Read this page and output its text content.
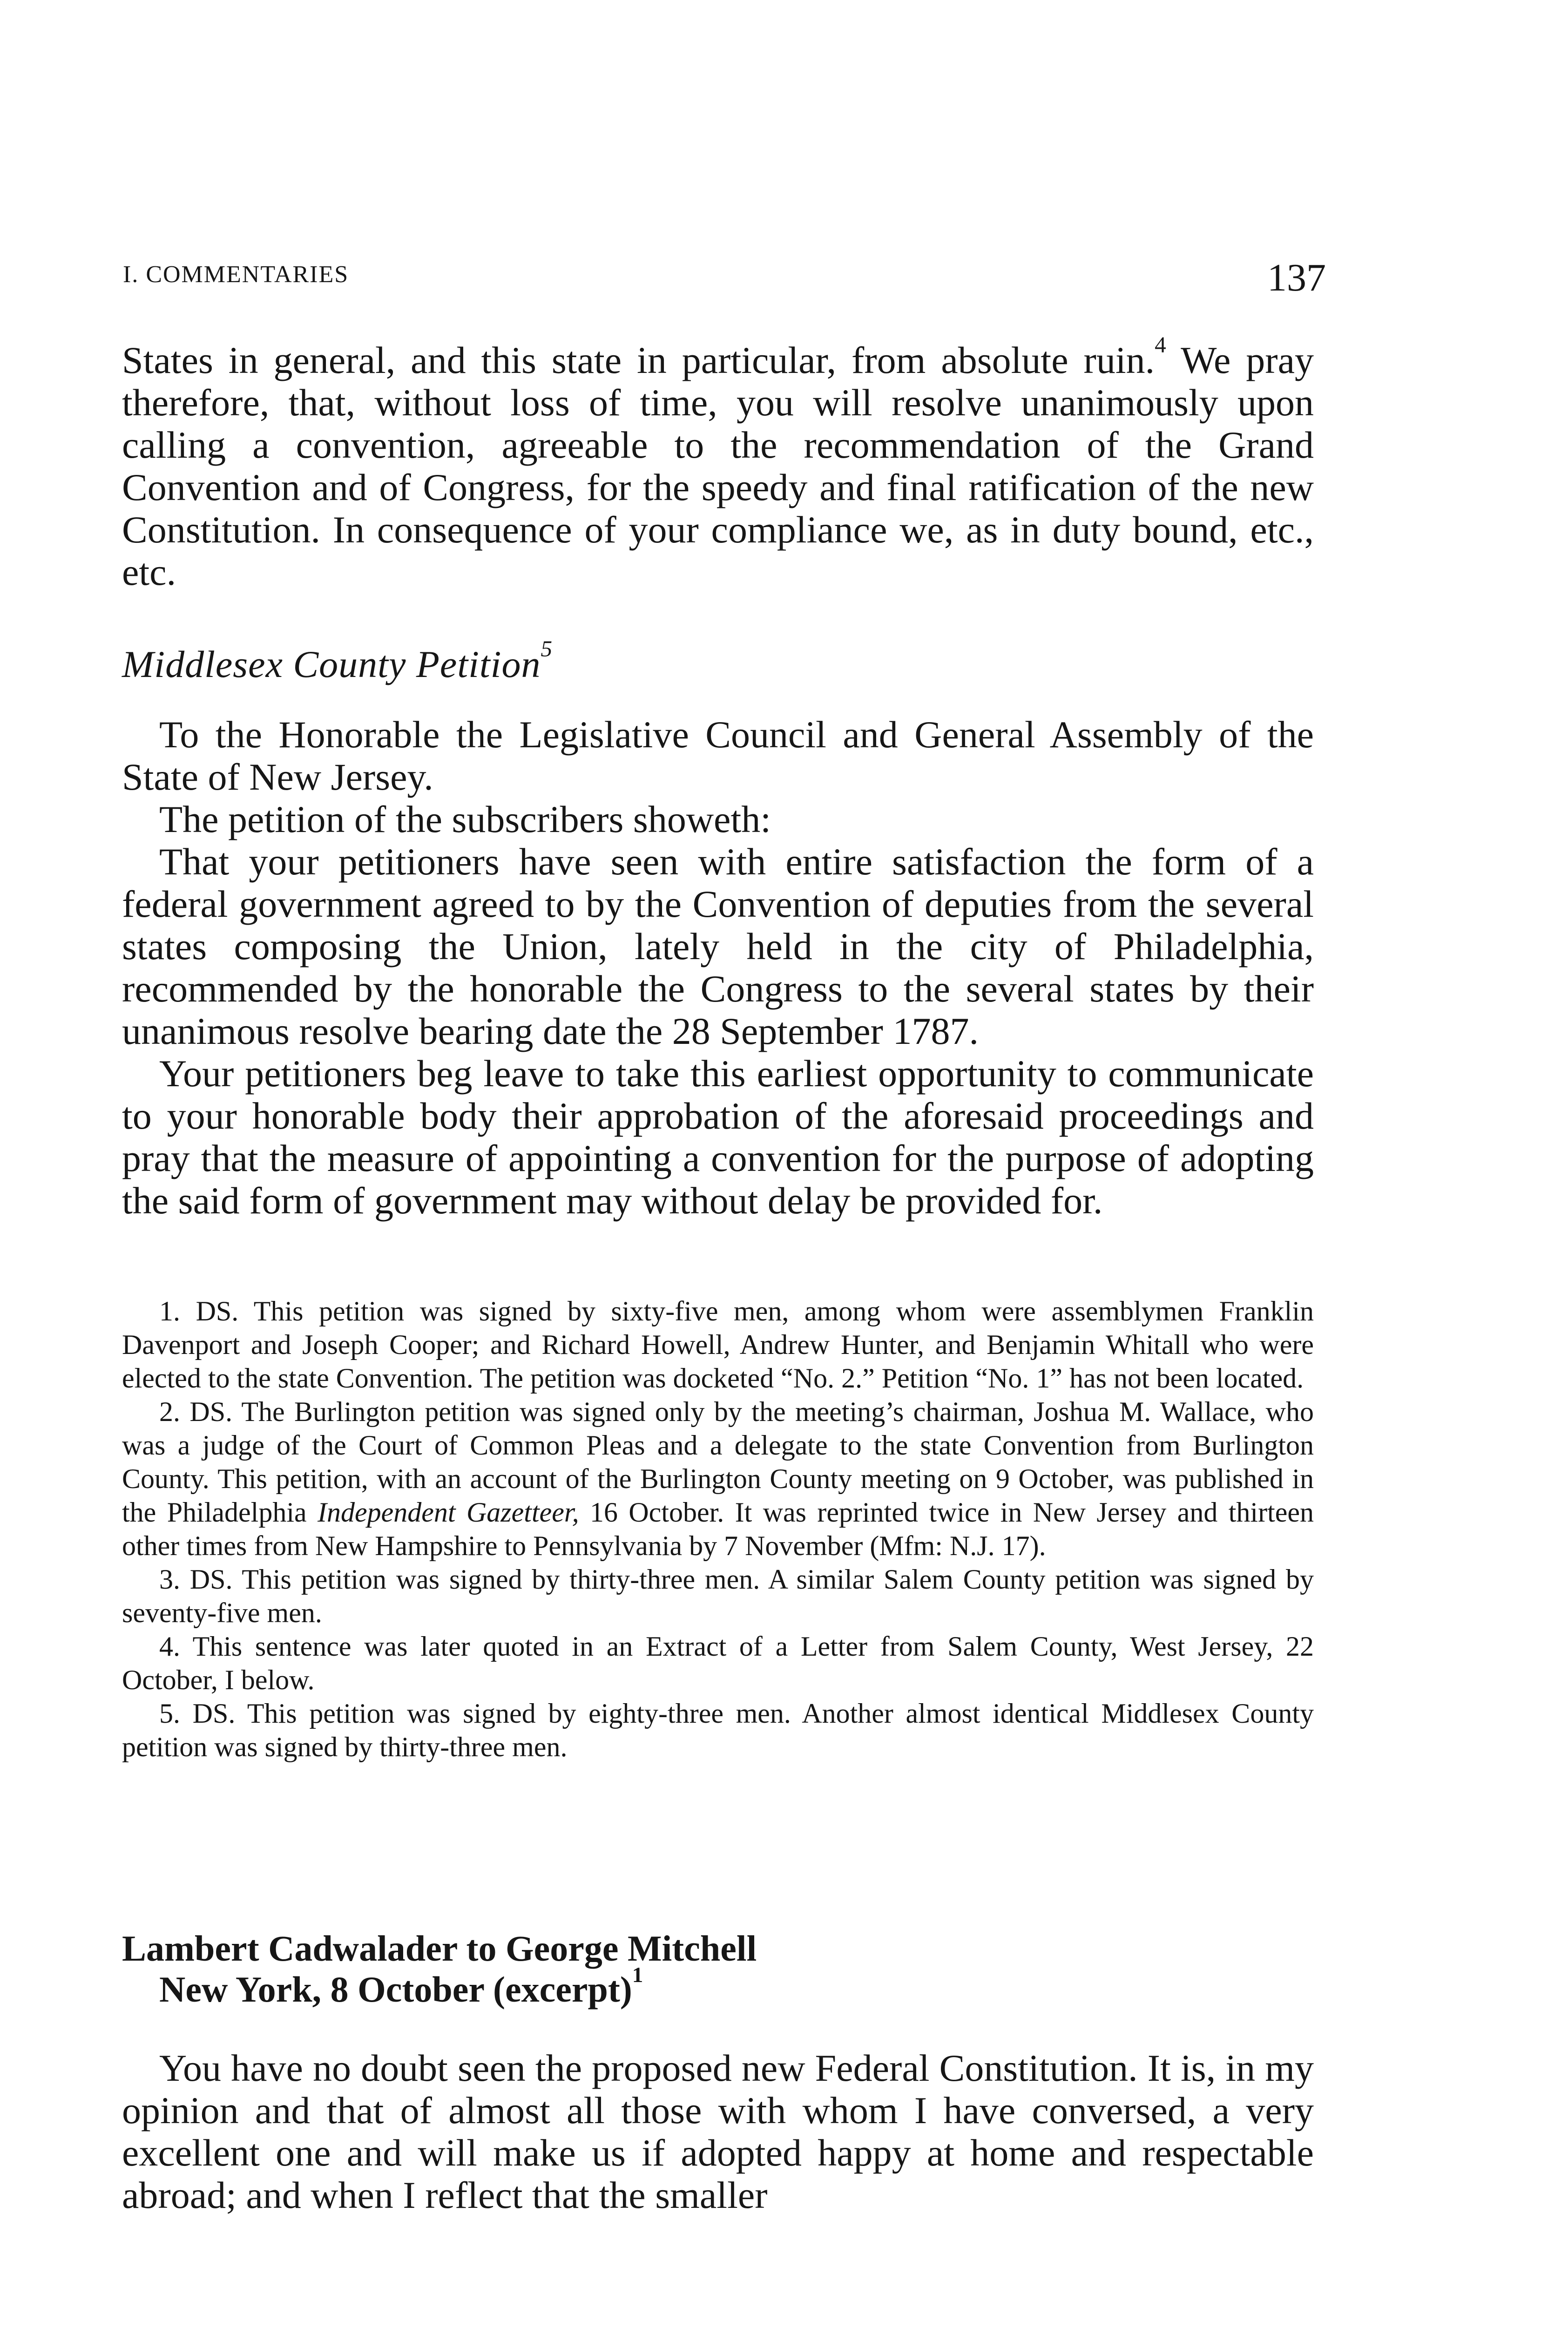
I. COMMENTARIES	137

States in general, and this state in particular, from absolute ruin.$^4$ We pray therefore, that, without loss of time, you will resolve unanimously upon calling a convention, agreeable to the recommendation of the Grand Convention and of Congress, for the speedy and final ratification of the new Constitution. In consequence of your compliance we, as in duty bound, etc., etc.

Middlesex County Petition$^5$

To the Honorable the Legislative Council and General Assembly of the State of New Jersey.

The petition of the subscribers showeth:

That your petitioners have seen with entire satisfaction the form of a federal government agreed to by the Convention of deputies from the several states composing the Union, lately held in the city of Philadelphia, recommended by the honorable the Congress to the several states by their unanimous resolve bearing date the 28 September 1787.

Your petitioners beg leave to take this earliest opportunity to communicate to your honorable body their approbation of the aforesaid proceedings and pray that the measure of appointing a convention for the purpose of adopting the said form of government may without delay be provided for.

1. DS. This petition was signed by sixty-five men, among whom were assemblymen Franklin Davenport and Joseph Cooper; and Richard Howell, Andrew Hunter, and Benjamin Whitall who were elected to the state Convention. The petition was docketed “No. 2.” Petition “No. 1” has not been located.

2. DS. The Burlington petition was signed only by the meeting’s chairman, Joshua M. Wallace, who was a judge of the Court of Common Pleas and a delegate to the state Convention from Burlington County. This petition, with an account of the Burlington County meeting on 9 October, was published in the Philadelphia Independent Gazetteer, 16 October. It was reprinted twice in New Jersey and thirteen other times from New Hampshire to Pennsylvania by 7 November (Mfm: N.J. 17).

3. DS. This petition was signed by thirty-three men. A similar Salem County petition was signed by seventy-five men.

4. This sentence was later quoted in an Extract of a Letter from Salem County, West Jersey, 22 October, I below.

5. DS. This petition was signed by eighty-three men. Another almost identical Middlesex County petition was signed by thirty-three men.

Lambert Cadwalader to George Mitchell
New York, 8 October (excerpt)$^1$

You have no doubt seen the proposed new Federal Constitution. It is, in my opinion and that of almost all those with whom I have conversed, a very excellent one and will make us if adopted happy at home and respectable abroad; and when I reflect that the smaller
